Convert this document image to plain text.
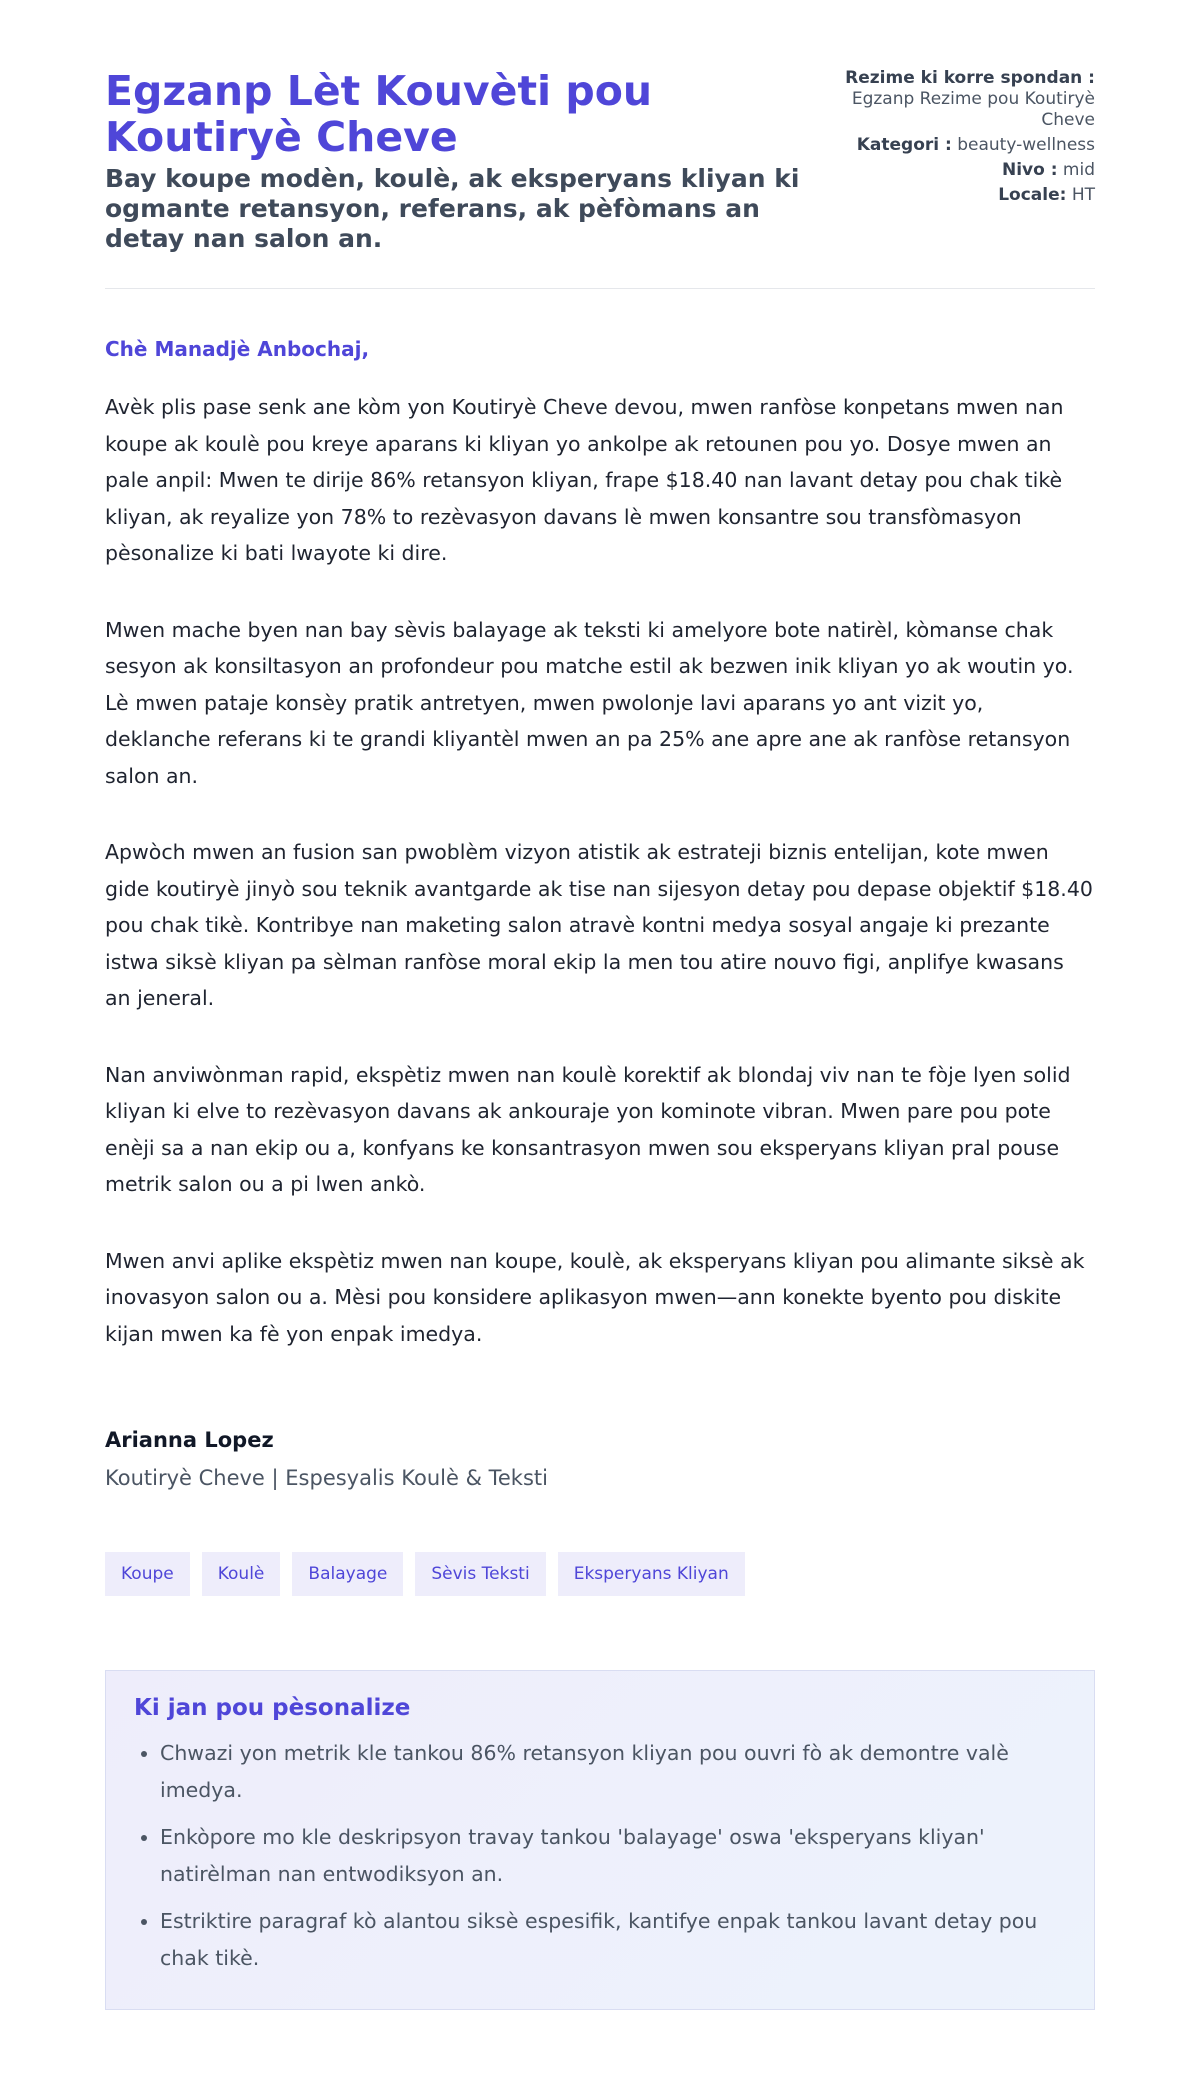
Egzanp Lèt Kouvèti pou Koutiryè Cheve
Bay koupe modèn, koulè, ak eksperyans kliyan ki ogmante retansyon, referans, ak pèfòmans an detay nan salon an.
Rezime ki korre spondan : Egzanp Rezime pou Koutiryè Cheve
Kategori : beauty-wellness
Nivo : mid
Locale: HT
Chè Manadjè Anbochaj,

Avèk plis pase senk ane kòm yon Koutiryè Cheve devou, mwen ranfòse konpetans mwen nan koupe ak koulè pou kreye aparans ki kliyan yo ankolpe ak retounen pou yo. Dosye mwen an pale anpil: Mwen te dirije 86% retansyon kliyan, frape $18.40 nan lavant detay pou chak tikè kliyan, ak reyalize yon 78% to rezèvasyon davans lè mwen konsantre sou transfòmasyon pèsonalize ki bati lwayote ki dire.

Mwen mache byen nan bay sèvis balayage ak teksti ki amelyore bote natirèl, kòmanse chak sesyon ak konsiltasyon an profondeur pou matche estil ak bezwen inik kliyan yo ak woutin yo. Lè mwen pataje konsèy pratik antretyen, mwen pwolonje lavi aparans yo ant vizit yo, deklanche referans ki te grandi kliyantèl mwen an pa 25% ane apre ane ak ranfòse retansyon salon an.

Apwòch mwen an fusion san pwoblèm vizyon atistik ak estrateji biznis entelijan, kote mwen gide koutiryè jinyò sou teknik avantgarde ak tise nan sijesyon detay pou depase objektif $18.40 pou chak tikè. Kontribye nan maketing salon atravè kontni medya sosyal angaje ki prezante istwa siksè kliyan pa sèlman ranfòse moral ekip la men tou atire nouvo figi, anplifye kwasans an jeneral.

Nan anviwònman rapid, ekspètiz mwen nan koulè korektif ak blondaj viv nan te fòje lyen solid kliyan ki elve to rezèvasyon davans ak ankouraje yon kominote vibran. Mwen pare pou pote enèji sa a nan ekip ou a, konfyans ke konsantrasyon mwen sou eksperyans kliyan pral pouse metrik salon ou a pi lwen ankò.

Mwen anvi aplike ekspètiz mwen nan koupe, koulè, ak eksperyans kliyan pou alimante siksè ak inovasyon salon ou a. Mèsi pou konsidere aplikasyon mwen—ann konekte byento pou diskite kijan mwen ka fè yon enpak imedya.

Arianna Lopez
Koutiryè Cheve | Espesyalis Koulè & Teksti
Koupe	Koulè	Balayage	Sèvis Teksti	Eksperyans Kliyan
Ki jan pou pèsonalize
• Chwazi yon metrik kle tankou 86% retansyon kliyan pou ouvri fò ak demontre valè imedya.
• Enkòpore mo kle deskripsyon travay tankou 'balayage' oswa 'eksperyans kliyan' natirèlman nan entwodiksyon an.
• Estriktire paragraf kò alantou siksè espesifik, kantifye enpak tankou lavant detay pou chak tikè.
